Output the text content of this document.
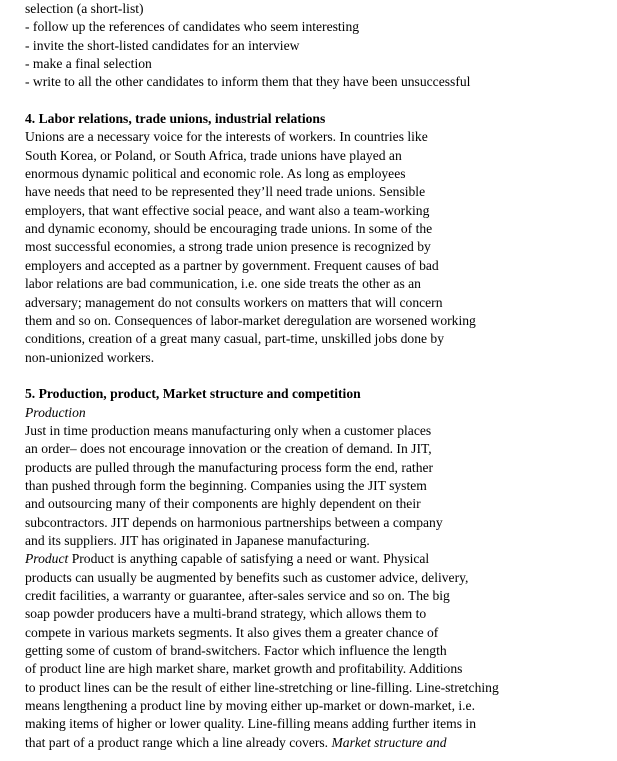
selection (a short-list)
- follow up the references of candidates who seem interesting
- invite the short-listed candidates for an interview
- make a final selection
- write to all the other candidates to inform them that they have been unsuccessful
4. Labor relations, trade unions, industrial relations
Unions are a necessary voice for the interests of workers. In countries like
South Korea, or Poland, or South Africa, trade unions have played an
enormous dynamic political and economic role. As long as employees
have needs that need to be represented they’ll need trade unions. Sensible
employers, that want effective social peace, and want also a team-working
and dynamic economy, should be encouraging trade unions. In some of the
most successful economies, a strong trade union presence is recognized by
employers and accepted as a partner by government. Frequent causes of bad
labor relations are bad communication, i.e. one side treats the other as an
adversary; management do not consults workers on matters that will concern
them and so on. Consequences of labor-market deregulation are worsened working
conditions, creation of a great many casual, part-time, unskilled jobs done by
non-unionized workers.
5. Production, product, Market structure and competition
Production
Just in time production means manufacturing only when a customer places
an order– does not encourage innovation or the creation of demand. In JIT,
products are pulled through the manufacturing process form the end, rather
than pushed through form the beginning. Companies using the JIT system
and outsourcing many of their components are highly dependent on their
subcontractors. JIT depends on harmonious partnerships between a company
and its suppliers. JIT has originated in Japanese manufacturing.
Product Product is anything capable of satisfying a need or want. Physical
products can usually be augmented by benefits such as customer advice, delivery,
credit facilities, a warranty or guarantee, after-sales service and so on. The big
soap powder producers have a multi-brand strategy, which allows them to
compete in various markets segments. It also gives them a greater chance of
getting some of custom of brand-switchers. Factor which influence the length
of product line are high market share, market growth and profitability. Additions
to product lines can be the result of either line-stretching or line-filling. Line-stretching
means lengthening a product line by moving either up-market or down-market, i.e.
making items of higher or lower quality. Line-filling means adding further items in
that part of a product range which a line already covers. Market structure and
